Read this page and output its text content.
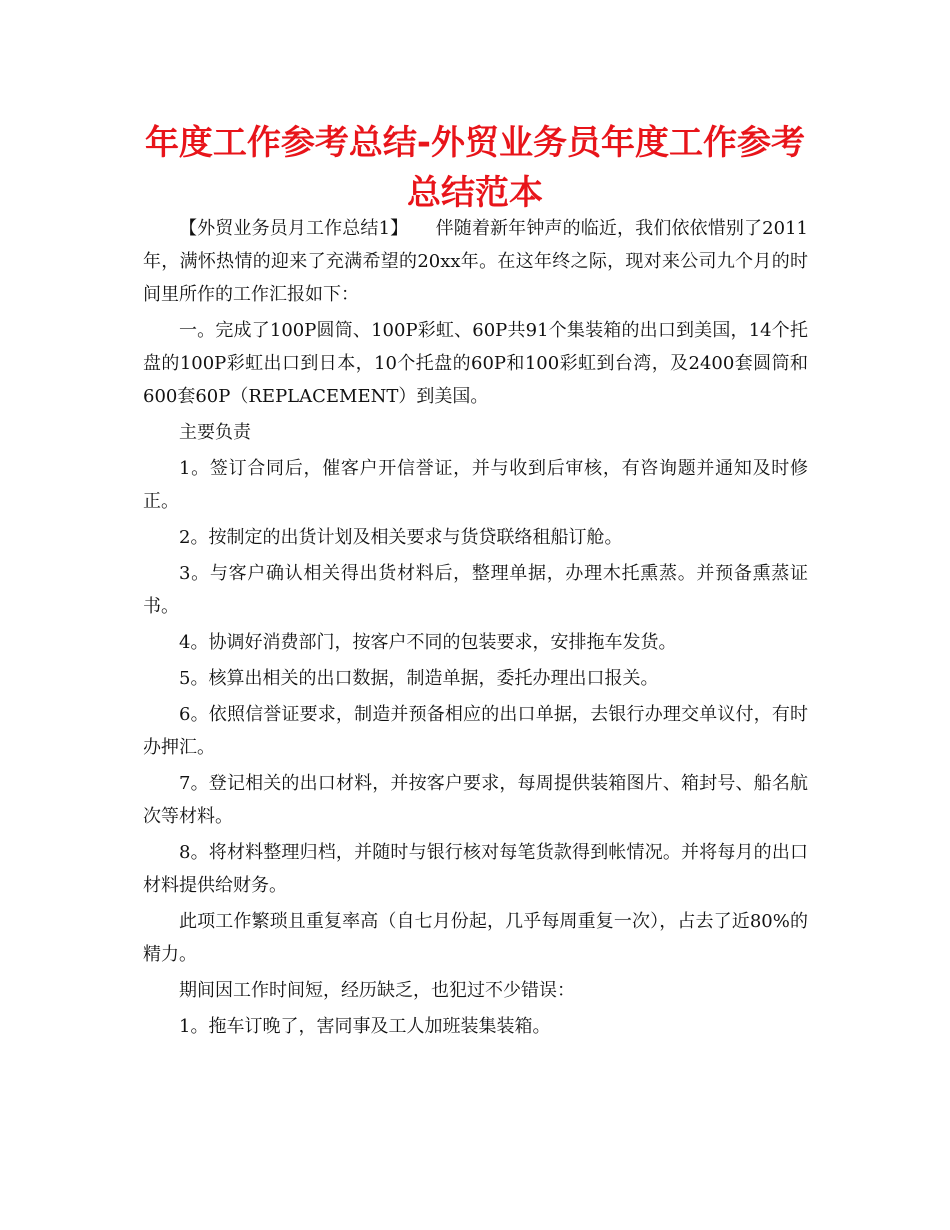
年度工作参考总结-外贸业务员年度工作参考总结范本

【外贸业务员月工作总结1】　　伴随着新年钟声的临近，我们依依惜别了2011年，满怀热情的迎来了充满希望的20xx年。在这年终之际，现对来公司九个月的时间里所作的工作汇报如下：

一。完成了100P圆筒、100P彩虹、60P共91个集装箱的出口到美国，14个托盘的100P彩虹出口到日本，10个托盘的60P和100彩虹到台湾，及2400套圆筒和600套60P（REPLACEMENT）到美国。

主要负责

1。签订合同后，催客户开信誉证，并与收到后审核，有咨询题并通知及时修正。

2。按制定的出货计划及相关要求与货贷联络租船订舱。

3。与客户确认相关得出货材料后，整理单据，办理木托熏蒸。并预备熏蒸证书。

4。协调好消费部门，按客户不同的包装要求，安排拖车发货。

5。核算出相关的出口数据，制造单据，委托办理出口报关。

6。依照信誉证要求，制造并预备相应的出口单据，去银行办理交单议付，有时办押汇。

7。登记相关的出口材料，并按客户要求，每周提供装箱图片、箱封号、船名航次等材料。

8。将材料整理归档，并随时与银行核对每笔货款得到帐情况。并将每月的出口材料提供给财务。

此项工作繁琐且重复率高（自七月份起，几乎每周重复一次），占去了近80%的精力。

期间因工作时间短，经历缺乏，也犯过不少错误：

1。拖车订晚了，害同事及工人加班装集装箱。
